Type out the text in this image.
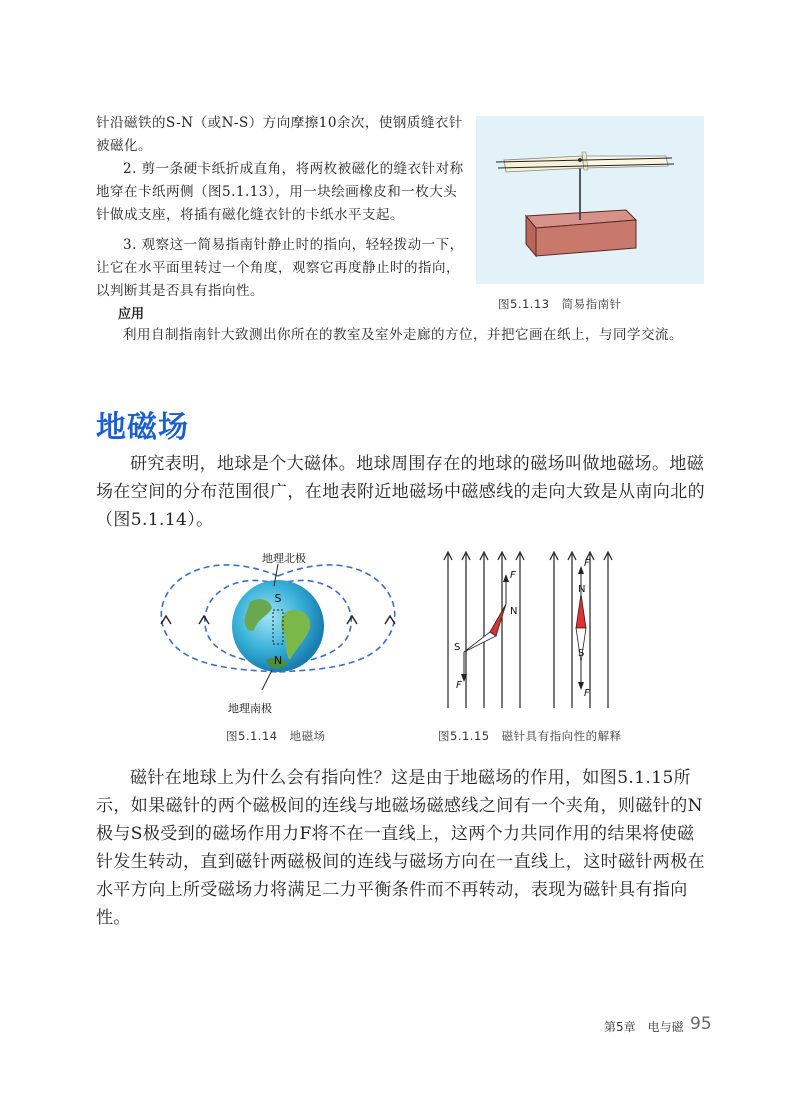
针沿磁铁的S-N（或N-S）方向摩擦10余次，使钢质缝衣针被磁化。
2. 剪一条硬卡纸折成直角，将两枚被磁化的缝衣针对称地穿在卡纸两侧（图5.1.13），用一块绘画橡皮和一枚大头针做成支座，将插有磁化缝衣针的卡纸水平支起。
3. 观察这一简易指南针静止时的指向，轻轻拨动一下，让它在水平面里转过一个角度，观察它再度静止时的指向，以判断其是否具有指向性。
应用
利用自制指南针大致测出你所在的教室及室外走廊的方位，并把它画在纸上，与同学交流。
图5.1.13　简易指南针
地磁场
研究表明，地球是个大磁体。地球周围存在的地球的磁场叫做地磁场。地磁场在空间的分布范围很广，在地表附近地磁场中磁感线的走向大致是从南向北的（图5.1.14）。
S
N
地理北极
地理南极
图5.1.14　地磁场
F
N
S
F
F
N
S
F
图5.1.15　磁针具有指向性的解释
磁针在地球上为什么会有指向性？这是由于地磁场的作用，如图5.1.15所示，如果磁针的两个磁极间的连线与地磁场磁感线之间有一个夹角，则磁针的N极与S极受到的磁场作用力F将不在一直线上，这两个力共同作用的结果将使磁针发生转动，直到磁针两磁极间的连线与磁场方向在一直线上，这时磁针两极在水平方向上所受磁场力将满足二力平衡条件而不再转动，表现为磁针具有指向性。
第5章　电与磁 95
